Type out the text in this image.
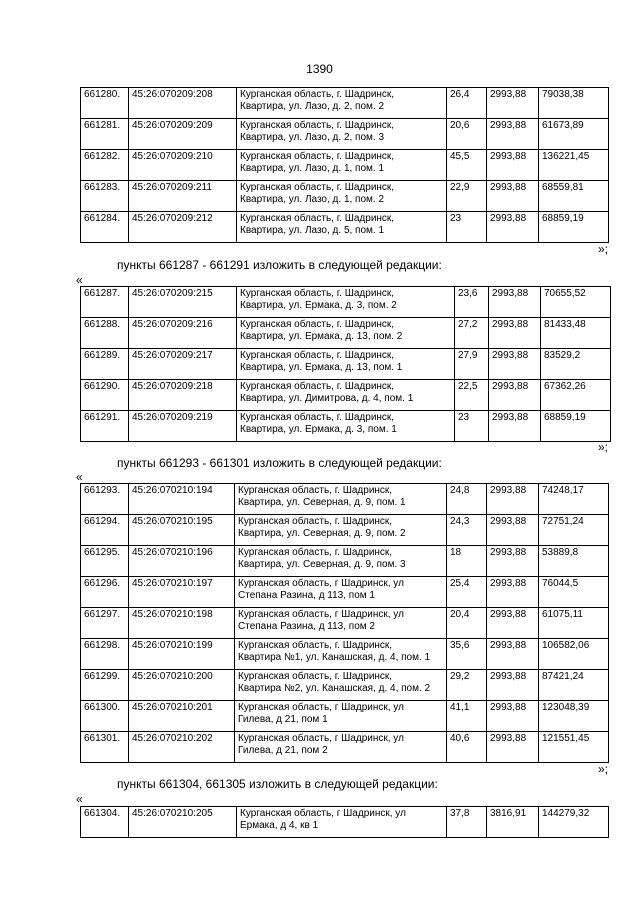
1390
661280.	45:26:070209:208	Курганская область, г. Шадринск,
Квартира, ул. Лазо, д. 2, пом. 2	26,4	2993,88	79038,38
661281.	45:26:070209:209	Курганская область, г. Шадринск,
Квартира, ул. Лазо, д. 2, пом. 3	20,6	2993,88	61673,89
661282.	45:26:070209:210	Курганская область, г. Шадринск,
Квартира, ул. Лазо, д. 1, пом. 1	45,5	2993,88	136221,45
661283.	45:26:070209:211	Курганская область, г. Шадринск,
Квартира, ул. Лазо, д. 1, пом. 2	22,9	2993,88	68559,81
661284.	45:26:070209:212	Курганская область, г. Шадринск,
Квартира, ул. Лазо, д. 5, пом. 1	23	2993,88	68859,19
»;
пункты 661287 - 661291 изложить в следующей редакции:
«
661287.	45:26:070209:215	Курганская область, г. Шадринск,
Квартира, ул. Ермака, д. 3, пом. 2	23,6	2993,88	70655,52
661288.	45:26:070209:216	Курганская область, г. Шадринск,
Квартира, ул. Ермака, д. 13, пом. 2	27,2	2993,88	81433,48
661289.	45:26:070209:217	Курганская область, г. Шадринск,
Квартира, ул. Ермака, д. 13, пом. 1	27,9	2993,88	83529,2
661290.	45:26:070209:218	Курганская область, г. Шадринск,
Квартира, ул. Димитрова, д. 4, пом. 1	22,5	2993,88	67362,26
661291.	45:26:070209:219	Курганская область, г. Шадринск,
Квартира, ул. Ермака, д. 3, пом. 1	23	2993,88	68859,19
»;
пункты 661293 - 661301 изложить в следующей редакции:
«
661293.	45:26:070210:194	Курганская область, г. Шадринск,
Квартира, ул. Северная, д. 9, пом. 1	24,8	2993,88	74248,17
661294.	45:26:070210:195	Курганская область, г. Шадринск,
Квартира, ул. Северная, д. 9, пом. 2	24,3	2993,88	72751,24
661295.	45:26:070210:196	Курганская область, г. Шадринск,
Квартира, ул. Северная, д. 9, пом. 3	18	2993,88	53889,8
661296.	45:26:070210:197	Курганская область, г Шадринск, ул
Степана Разина, д 113, пом 1	25,4	2993,88	76044,5
661297.	45:26:070210:198	Курганская область, г Шадринск, ул
Степана Разина, д 113, пом 2	20,4	2993,88	61075,11
661298.	45:26:070210:199	Курганская область, г. Шадринск,
Квартира №1, ул. Канашская, д. 4, пом. 1	35,6	2993,88	106582,06
661299.	45:26:070210:200	Курганская область, г. Шадринск,
Квартира №2, ул. Канашская, д. 4, пом. 2	29,2	2993,88	87421,24
661300.	45:26:070210:201	Курганская область, г Шадринск, ул
Гилева, д 21, пом 1	41,1	2993,88	123048,39
661301.	45:26:070210:202	Курганская область, г Шадринск, ул
Гилева, д 21, пом 2	40,6	2993,88	121551,45
»;
пункты 661304, 661305 изложить в следующей редакции:
«
661304.	45:26:070210:205	Курганская область, г Шадринск, ул
Ермака, д 4, кв 1
	37,8	3816,91	144279,32
